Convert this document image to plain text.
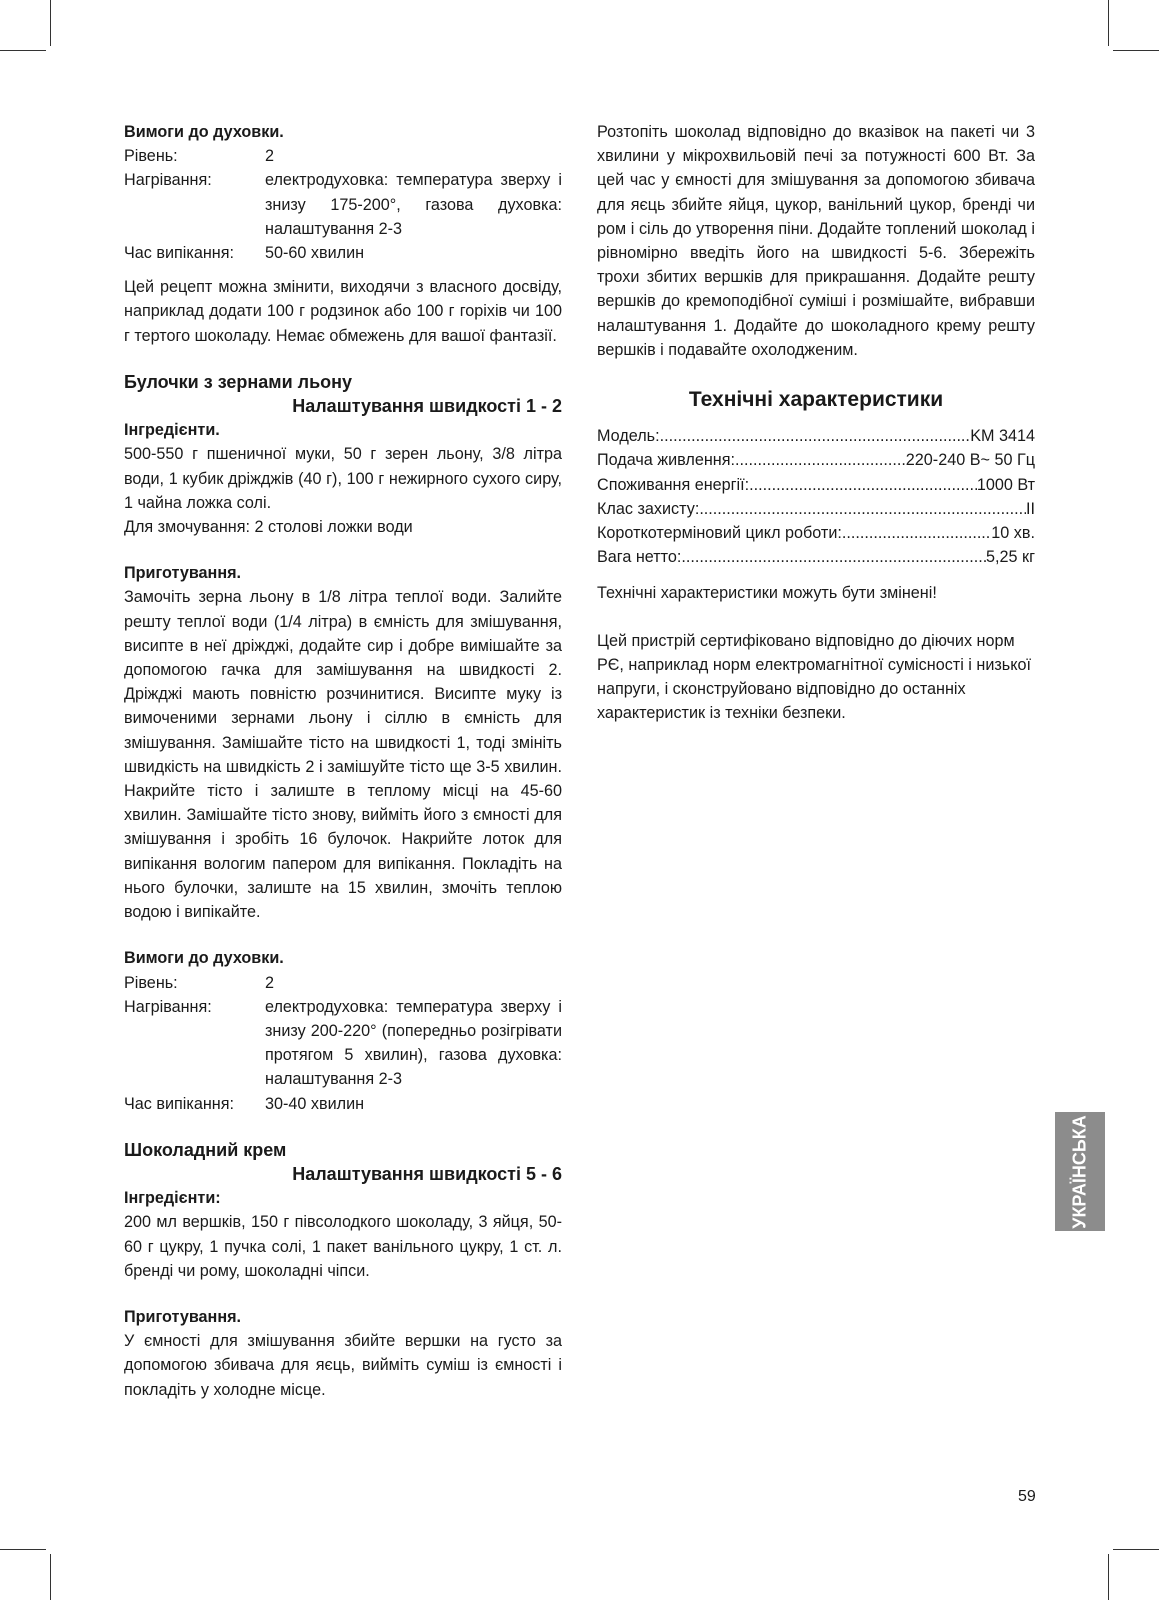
Вимоги до духовки.

Рівень:	2
Нагрівання:	електродуховка: температура зверху і знизу 175-200°, газова духовка: налаштування 2-3
Час випікання:	50-60 хвилин

Цей рецепт можна змінити, виходячи з власного досвіду, наприклад додати 100 г родзинок або 100 г горіхів чи 100 г тертого шоколаду. Немає обмежень для вашої фантазії.

Булочки з зернами льону

Налаштування швидкості 1 - 2

Інгредієнти.

500-550 г пшеничної муки, 50 г зерен льону, 3/8 літра води, 1 кубик дріжджів (40 г), 100 г нежирного сухого сиру, 1 чайна ложка солі.

Для змочування: 2 столові ложки води

Приготування.

Замочіть зерна льону в 1/8 літра теплої води. Залийте решту теплої води (1/4 літра) в ємність для змішування, висипте в неї дріжджі, додайте сир і добре вимішайте за допомогою гачка для замішування на швидкості 2. Дріжджі мають повністю розчинитися. Висипте муку із вимоченими зернами льону і сіллю в ємність для змішування. Замішайте тісто на швидкості 1, тоді змініть швидкість на швидкість 2 і замішуйте тісто ще 3-5 хвилин. Накрийте тісто і залиште в теплому місці на 45-60 хвилин. Замішайте тісто знову, вийміть його з ємності для змішування і зробіть 16 булочок. Накрийте лоток для випікання вологим папером для випікання. Покладіть на нього булочки, залиште на 15 хвилин, змочіть теплою водою і випікайте.

Вимоги до духовки.

Рівень:	2
Нагрівання:	електродуховка: температура зверху і знизу 200-220° (попередньо розігрівати протягом 5 хвилин), газова духовка: налаштування 2-3
Час випікання:	30-40 хвилин

Шоколадний крем

Налаштування швидкості 5 - 6

Інгредієнти:

200 мл вершків, 150 г півсолодкого шоколаду, 3 яйця, 50-60 г цукру, 1 пучка солі, 1 пакет ванільного цукру, 1 ст. л. бренді чи рому, шоколадні чіпси.

Приготування.

У ємності для змішування збийте вершки на густо за допомогою збивача для яєць, вийміть суміш із ємності і покладіть у холодне місце.

Розтопіть шоколад відповідно до вказівок на пакеті чи 3 хвилини у мікрохвильовій печі за потужності 600 Вт. За цей час у ємності для змішування за допомогою збивача для яєць збийте яйця, цукор, ванільний цукор, бренді чи ром і сіль до утворення піни. Додайте топлений шоколад і рівномірно введіть його на швидкості 5-6. Збережіть трохи збитих вершків для прикрашання. Додайте решту вершків до кремоподібної суміші і розмішайте, вибравши налаштування 1. Додайте до шоколадного крему решту вершків і подавайте охолодженим.

Технічні характеристики

Модель: .....	KM 3414
Подача живлення: .....	220-240 В~ 50 Гц
Споживання енергії: .....	1000 Вт
Клас захисту: .....	II
Короткотерміновий цикл роботи: .....	10 хв.
Вага нетто: .....	5,25 кг

Технічні характеристики можуть бути змінені!

Цей пристрій сертифіковано відповідно до діючих норм РЄ, наприклад норм електромагнітної сумісності і низької напруги, і сконструйовано відповідно до останніх характеристик із техніки безпеки.

УКРАЇНСЬКА
59
